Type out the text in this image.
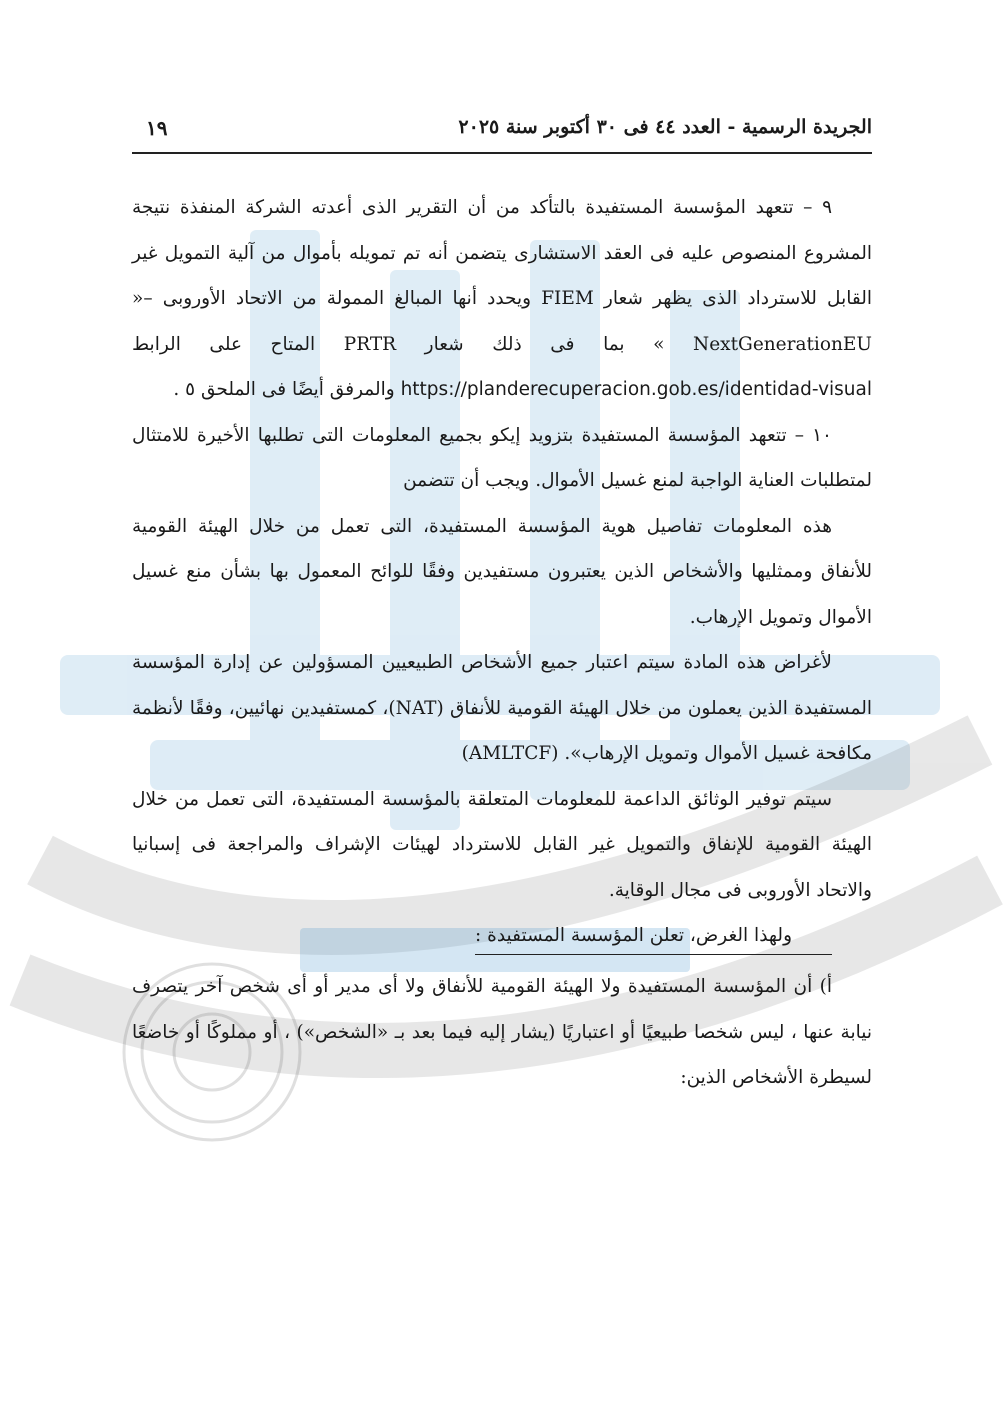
الجريدة الرسمية - العدد ٤٤ فى ٣٠ أكتوبر سنة ٢٠٢٥
١٩

٩ – تتعهد المؤسسة المستفيدة بالتأكد من أن التقرير الذى أعدته الشركة المنفذة نتيجة المشروع المنصوص عليه فى العقد الاستشارى يتضمن أنه تم تمويله بأموال من آلية التمويل غير القابل للاسترداد الذى يظهر شعار FIEM ويحدد أنها المبالغ الممولة من الاتحاد الأوروبى –« NextGenerationEU » بما فى ذلك شعار PRTR المتاح على الرابط https://planderecuperacion.gob.es/identidad-visual والمرفق أيضًا فى الملحق ٥ .

١٠ – تتعهد المؤسسة المستفيدة بتزويد إيكو بجميع المعلومات التى تطلبها الأخيرة للامتثال لمتطلبات العناية الواجبة لمنع غسيل الأموال. ويجب أن تتضمن

هذه المعلومات تفاصيل هوية المؤسسة المستفيدة، التى تعمل من خلال الهيئة القومية للأنفاق وممثليها والأشخاص الذين يعتبرون مستفيدين وفقًا للوائح المعمول بها بشأن منع غسيل الأموال وتمويل الإرهاب.

لأغراض هذه المادة سيتم اعتبار جميع الأشخاص الطبيعيين المسؤولين عن إدارة المؤسسة المستفيدة الذين يعملون من خلال الهيئة القومية للأنفاق (NAT)، كمستفيدين نهائيين، وفقًا لأنظمة مكافحة غسيل الأموال وتمويل الإرهاب». (AMLTCF)

سيتم توفير الوثائق الداعمة للمعلومات المتعلقة بالمؤسسة المستفيدة، التى تعمل من خلال الهيئة القومية للإنفاق والتمويل غير القابل للاسترداد لهيئات الإشراف والمراجعة فى إسبانيا والاتحاد الأوروبى فى مجال الوقاية.

ولهذا الغرض، تعلن المؤسسة المستفيدة :

أ) أن المؤسسة المستفيدة ولا الهيئة القومية للأنفاق ولا أى مدير أو أى شخص آخر يتصرف نيابة عنها ، ليس شخصا طبيعيًا أو اعتباريًا (يشار إليه فيما بعد بـ «الشخص») ، أو مملوكًا أو خاضعًا لسيطرة الأشخاص الذين:
